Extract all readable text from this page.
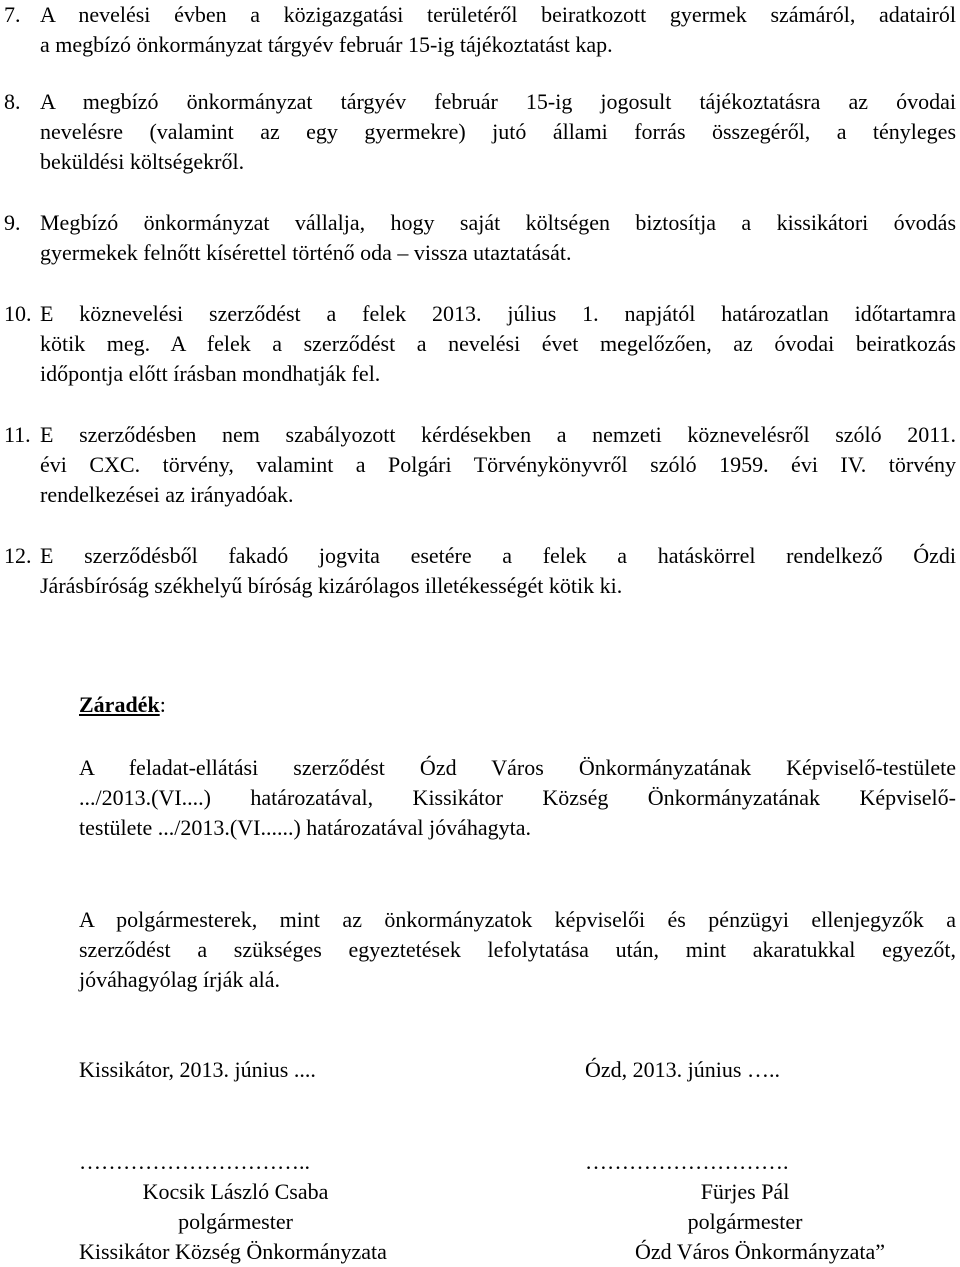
7. A nevelési évben a közigazgatási területéről beiratkozott gyermek számáról, adatairól
a megbízó önkormányzat tárgyév február 15-ig tájékoztatást kap.
8. A megbízó önkormányzat tárgyév február 15-ig jogosult tájékoztatásra az óvodai
nevelésre (valamint az egy gyermekre) jutó állami forrás összegéről, a tényleges
beküldési költségekről.
9. Megbízó önkormányzat vállalja, hogy saját költségen biztosítja a kissikátori óvodás
gyermekek felnőtt kísérettel történő oda – vissza utaztatását.
10. E köznevelési szerződést a felek 2013. július 1. napjától határozatlan időtartamra
kötik meg. A felek a szerződést a nevelési évet megelőzően, az óvodai beiratkozás
időpontja előtt írásban mondhatják fel.
11. E szerződésben nem szabályozott kérdésekben a nemzeti köznevelésről szóló 2011.
évi CXC. törvény, valamint a Polgári Törvénykönyvről szóló 1959. évi IV. törvény
rendelkezései az irányadóak.
12. E szerződésből fakadó jogvita esetére a felek a hatáskörrel rendelkező Ózdi
Járásbíróság székhelyű bíróság kizárólagos illetékességét kötik ki.
Záradék:
A feladat-ellátási szerződést Ózd Város Önkormányzatának Képviselő-testülete
.../2013.(VI....) határozatával, Kissikátor Község Önkormányzatának Képviselő-
testülete .../2013.(VI......) határozatával jóváhagyta.
A polgármesterek, mint az önkormányzatok képviselői és pénzügyi ellenjegyzők a
szerződést a szükséges egyeztetések lefolytatása után, mint akaratukkal egyezőt,
jóváhagyólag írják alá.
Kissikátor, 2013. június ....	Ózd, 2013. június …..
…………………………..
Kocsik László Csaba
polgármester
Kissikátor Község Önkormányzata
……………………….
Fürjes Pál
polgármester
Ózd Város Önkormányzata”
